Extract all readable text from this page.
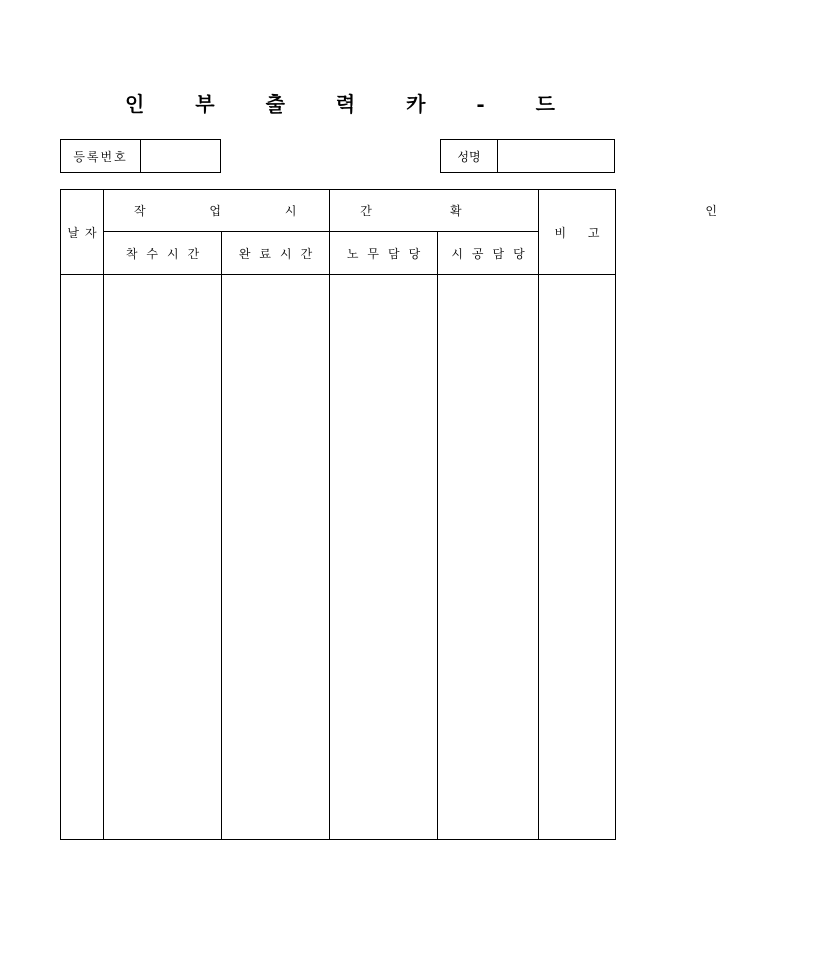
인 부 출 력 카 - 드
등록번호	성명
날자	작 업 시 간		확 인		비 고
	착수시간	완료시간	노무담당	시공담당	
